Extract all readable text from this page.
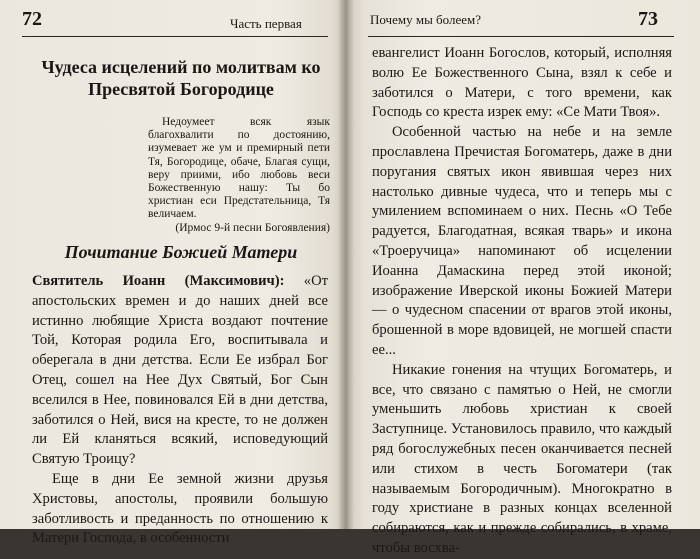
72	Часть первая
Чудеса исцелений по молитвам ко Пресвятой Богородице
Недоумеет всяк язык благохвалити по достоянию, изумевает же ум и премирный пети Тя, Богородице, обаче, Благая сущи, веру приими, ибо любовь веси Божественную нашу: Ты бо христиан еси Предстательница, Тя величаем.
(Ирмос 9-й песни Богоявления)
Почитание Божией Матери

Святитель Иоанн (Максимович): «От апостольских времен и до наших дней все истинно любящие Христа воздают почтение Той, Которая родила Его, воспитывала и оберегала в дни детства. Если Ее избрал Бог Отец, сошел на Нее Дух Святый, Бог Сын вселился в Нее, повиновался Ей в дни детства, заботился о Ней, вися на кресте, то не должен ли Ей кланяться всякий, исповедующий Святую Троицу?

Еще в дни Ее земной жизни друзья Христовы, апостолы, проявили большую заботливость и преданность по отношению к Матери Господа, в особенности

Почему мы болеем?	73

евангелист Иоанн Богослов, который, исполняя волю Ее Божественного Сына, взял к себе и заботился о Матери, с того времени, как Господь со креста изрек ему: «Се Мати Твоя».

Особенной частью на небе и на земле прославлена Пречистая Богоматерь, даже в дни поругания святых икон явившая через них настолько дивные чудеса, что и теперь мы с умилением вспоминаем о них. Песнь «О Тебе радуется, Благодатная, всякая тварь» и икона «Троеручица» напоминают об исцелении Иоанна Дамаскина перед этой иконой; изображение Иверской иконы Божией Матери — о чудесном спасении от врагов этой иконы, брошенной в море вдовицей, не могшей спасти ее...

Никакие гонения на чтущих Богоматерь, и все, что связано с памятью о Ней, не смогли уменьшить любовь христиан к своей Заступнице. Установилось правило, что каждый ряд богослужебных песен оканчивается песней или стихом в честь Богоматери (так называемым Богородичным). Многократно в году христиане в разных концах вселенной собираются, как и прежде собирались, в храме, чтобы восхва-
